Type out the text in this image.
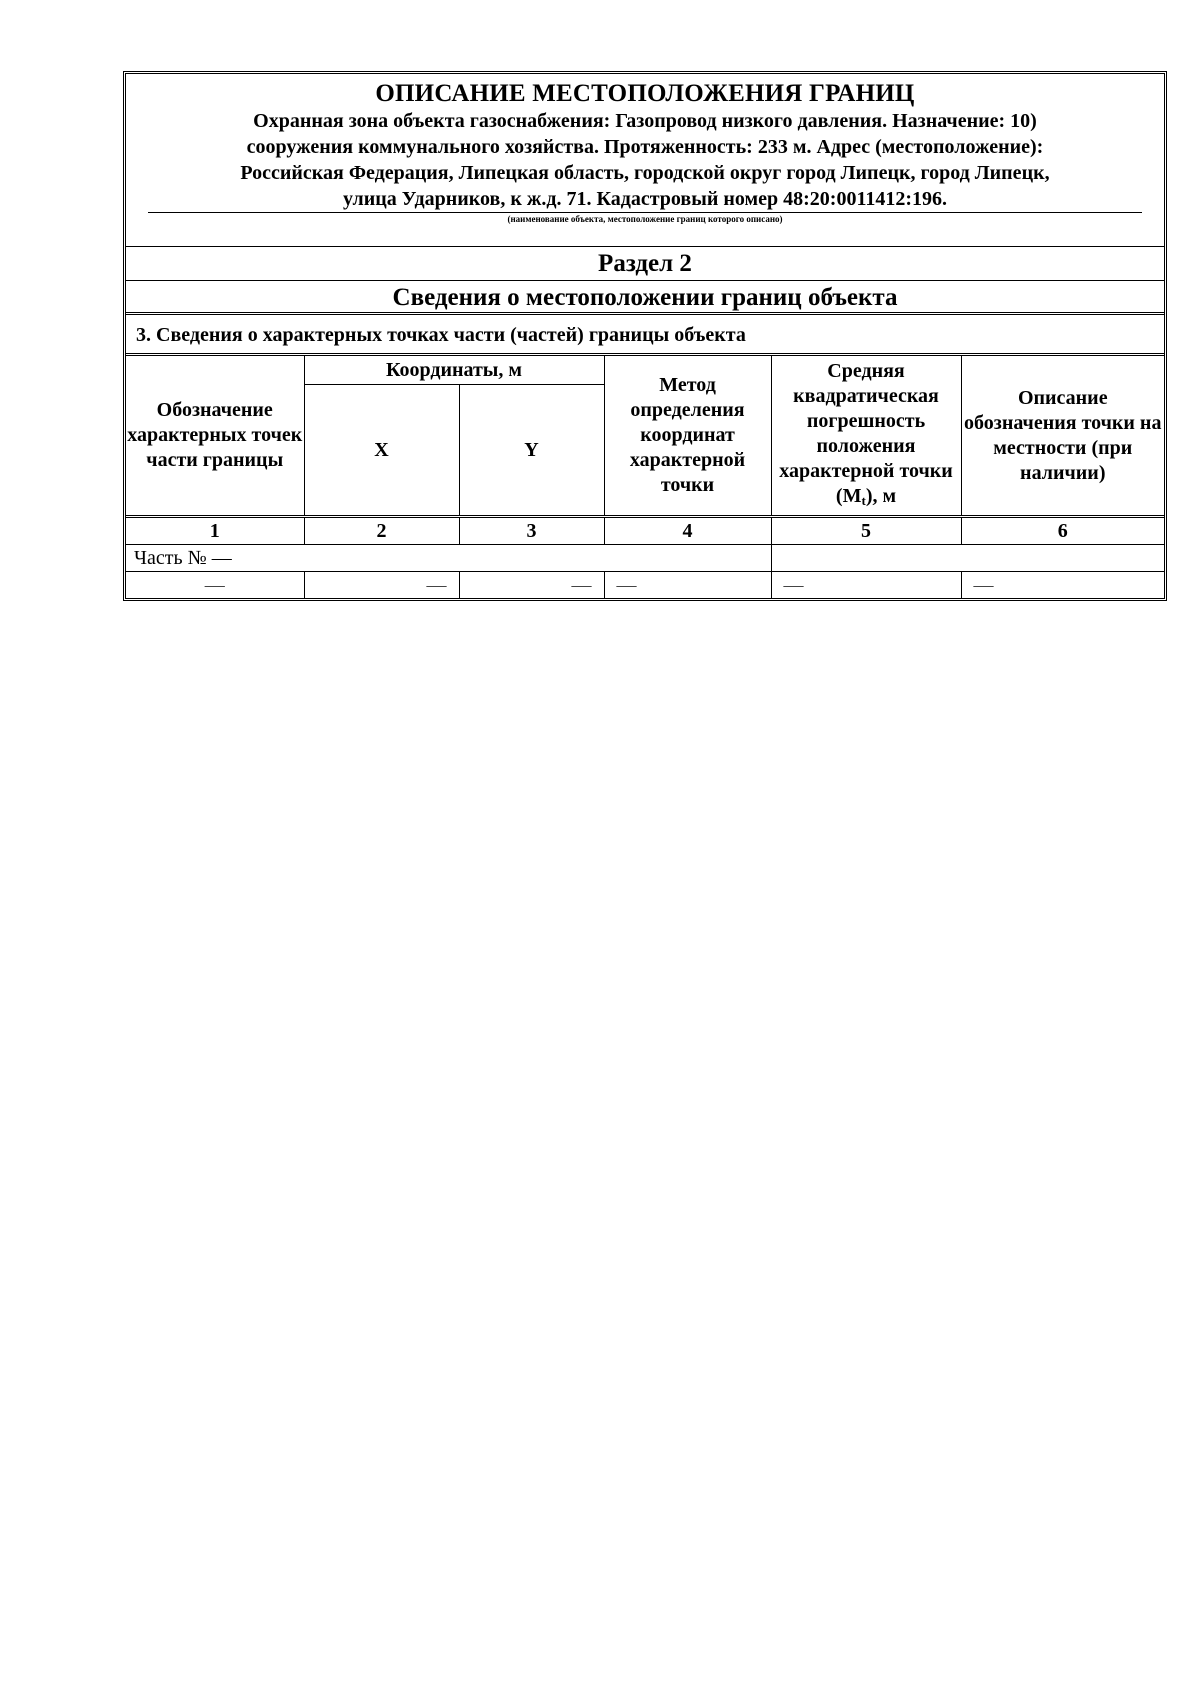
ОПИСАНИЕ МЕСТОПОЛОЖЕНИЯ ГРАНИЦ
Охранная зона объекта газоснабжения: Газопровод низкого давления. Назначение: 10)
сооружения коммунального хозяйства. Протяженность: 233 м. Адрес (местоположение):
Российская Федерация, Липецкая область, городской округ город Липецк, город Липецк,
улица Ударников, к ж.д. 71. Кадастровый номер 48:20:0011412:196.
(наименование объекта, местоположение границ которого описано)
Раздел 2
Сведения о местоположении границ объекта
3. Сведения о характерных точках части (частей) границы объекта
Обозначение характерных точек части границы	Координаты, м		Метод определения координат характерной точки	Средняя квадратическая погрешность положения характерной точки $(M_t)$, м	Описание обозначения точки на местности (при наличии)
	X	Y			
1	2	3	4	5	6
Часть № —					
—	—	—	—	—	—
